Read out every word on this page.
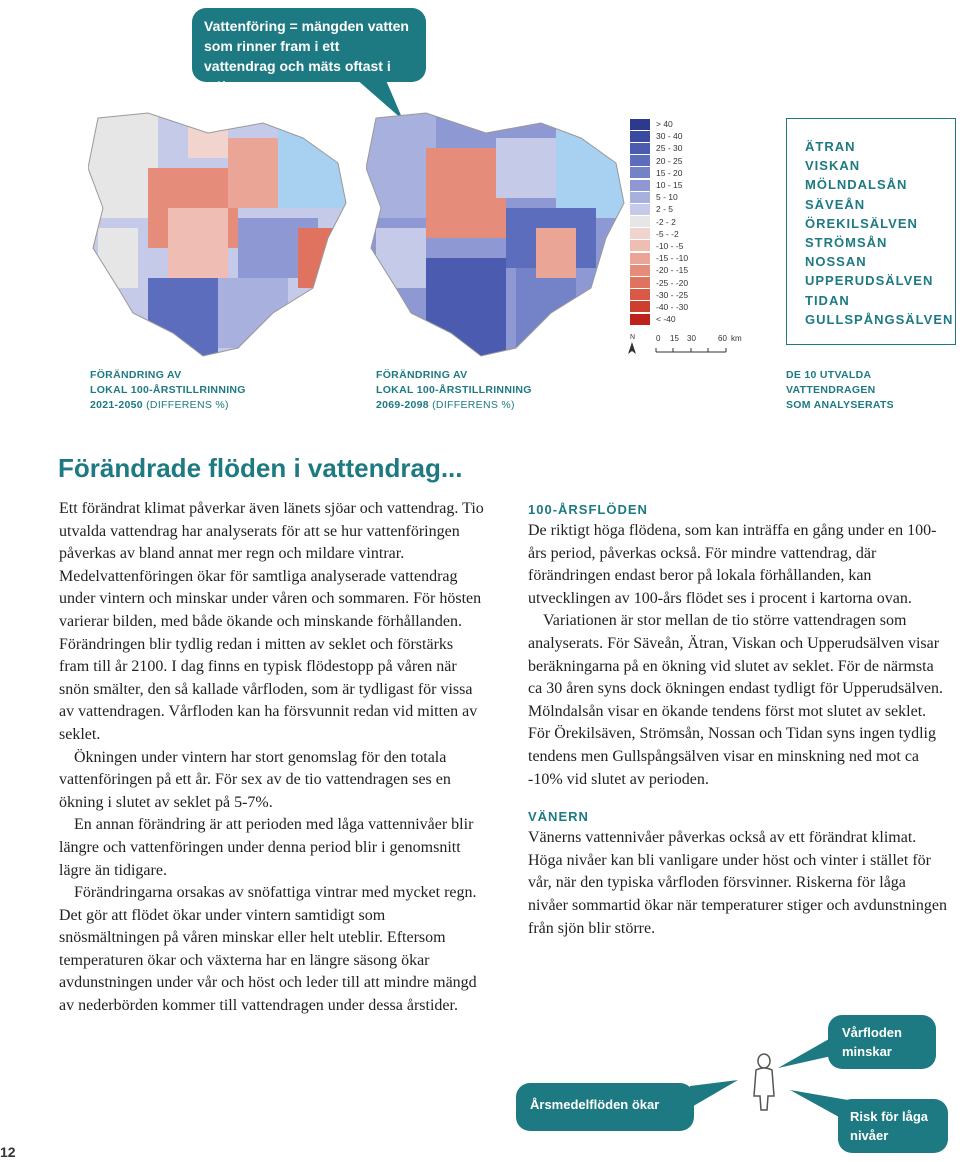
Vattenföring = mängden vatten som rinner fram i ett vattendrag och mäts oftast i m³/s
> 40
30 - 40
25 - 30
20 - 25
15 - 20
10 - 15
5 - 10
2 - 5
-2 - 2
-5 - -2
-10 - -5
-15 - -10
-20 - -15
-25 - -20
-30 - -25
-40 - -30
< -40
N	0 15 30	60 km
ÄTRAN
VISKAN
MÖLNDALSÅN
SÄVEÅN
ÖREKILSÄLVEN
STRÖMSÅN
NOSSAN
UPPERUDSÄLVEN
TIDAN
GULLSPÅNGSÄLVEN
FÖRÄNDRING AV
LOKAL 100-ÅRSTILLRINNING
2021-2050 (DIFFERENS %)
FÖRÄNDRING AV
LOKAL 100-ÅRSTILLRINNING
2069-2098 (DIFFERENS %)
DE 10 UTVALDA VATTENDRAGEN
SOM ANALYSERATS
Förändrade flöden i vattendrag...

Ett förändrat klimat påverkar även länets sjöar och vattendrag. Tio utvalda vattendrag har analyserats för att se hur vattenföringen påverkas av bland annat mer regn och mildare vintrar. Medelvattenföringen ökar för samtliga analyserade vattendrag under vintern och minskar under våren och sommaren. För hösten varierar bilden, med både ökande och minskande förhållanden. Förändringen blir tydlig redan i mitten av seklet och förstärks fram till år 2100. I dag finns en typisk flödestopp på våren när snön smälter, den så kallade vårfloden, som är tydligast för vissa av vattendragen. Vårfloden kan ha försvunnit redan vid mitten av seklet.

Ökningen under vintern har stort genomslag för den totala vattenföringen på ett år. För sex av de tio vattendragen ses en ökning i slutet av seklet på 5-7%.

En annan förändring är att perioden med låga vattennivåer blir längre och vattenföringen under denna period blir i genomsnitt lägre än tidigare.

Förändringarna orsakas av snöfattiga vintrar med mycket regn. Det gör att flödet ökar under vintern samtidigt som snösmältningen på våren minskar eller helt uteblir. Eftersom temperaturen ökar och växterna har en längre säsong ökar avdunstningen under vår och höst och leder till att mindre mängd av nederbörden kommer till vattendragen under dessa årstider.

100-ÅRSFLÖDEN

De riktigt höga flödena, som kan inträffa en gång under en 100-års period, påverkas också. För mindre vattendrag, där förändringen endast beror på lokala förhållanden, kan utvecklingen av 100-års flödet ses i procent i kartorna ovan.

Variationen är stor mellan de tio större vattendragen som analyserats. För Säveån, Ätran, Viskan och Upperudsälven visar beräkningarna på en ökning vid slutet av seklet. För de närmsta ca 30 åren syns dock ökningen endast tydligt för Upperudsälven. Mölndalsån visar en ökande tendens först mot slutet av seklet. För Örekilsäven, Strömsån, Nossan och Tidan syns ingen tydlig tendens men Gullspångsälven visar en minskning ned mot ca -10% vid slutet av perioden.

VÄNERN

Vänerns vattennivåer påverkas också av ett förändrat klimat. Höga nivåer kan bli vanligare under höst och vinter i stället för vår, när den typiska vårfloden försvinner. Riskerna för låga nivåer sommartid ökar när temperaturer stiger och avdunstningen från sjön blir större.

Vårfloden minskar
Årsmedelflöden ökar
Risk för låga nivåer
12
